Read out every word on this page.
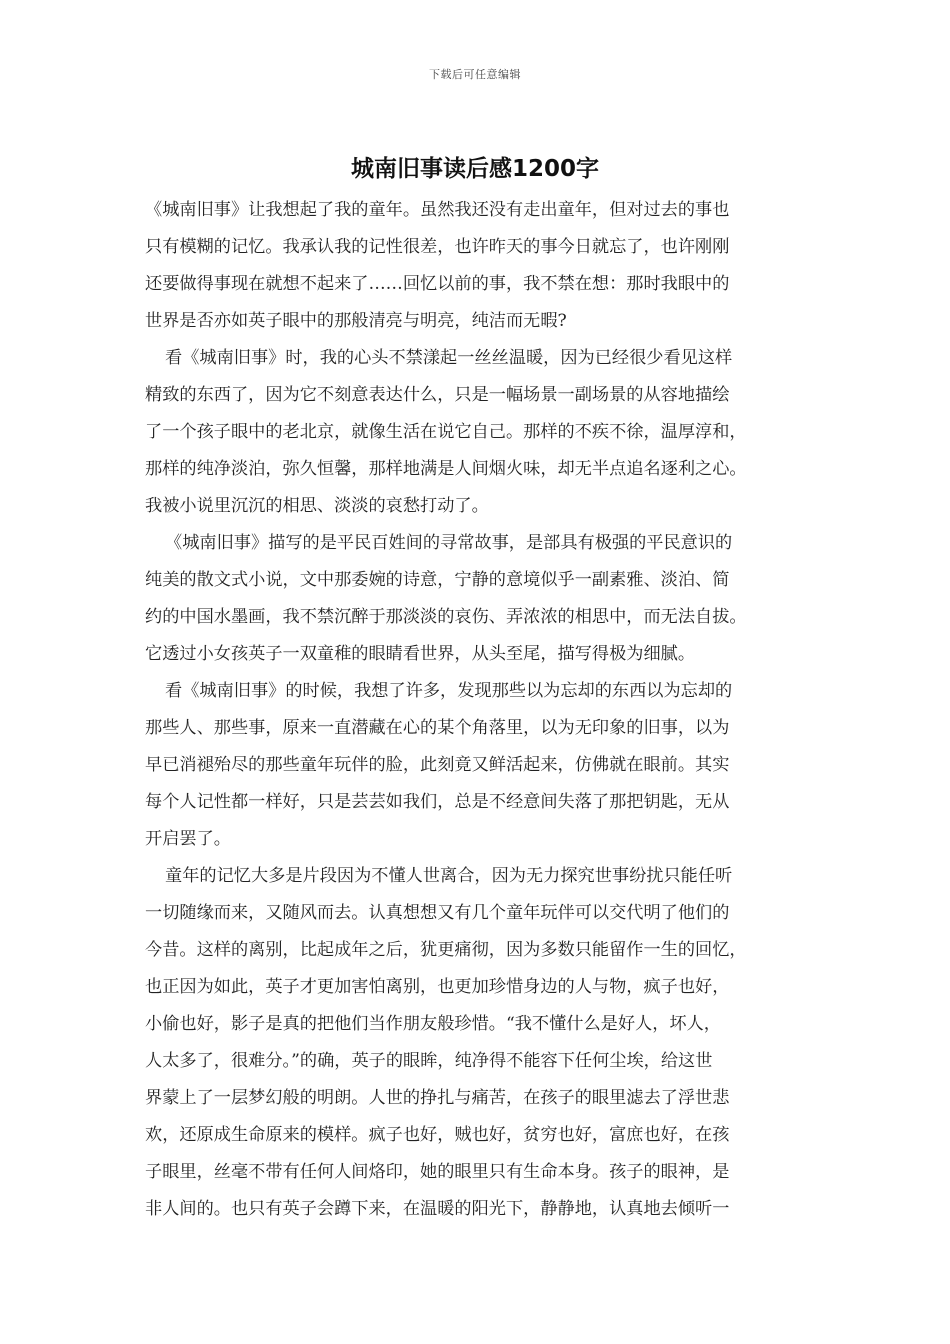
下载后可任意编辑
城南旧事读后感1200字
《城南旧事》让我想起了我的童年。虽然我还没有走出童年，但对过去的事也
只有模糊的记忆。我承认我的记性很差，也许昨天的事今日就忘了，也许刚刚
还要做得事现在就想不起来了……回忆以前的事，我不禁在想：那时我眼中的
世界是否亦如英子眼中的那般清亮与明亮，纯洁而无暇?
看《城南旧事》时，我的心头不禁漾起一丝丝温暖，因为已经很少看见这样
精致的东西了，因为它不刻意表达什么，只是一幅场景一副场景的从容地描绘
了一个孩子眼中的老北京，就像生活在说它自己。那样的不疾不徐，温厚淳和，
那样的纯净淡泊，弥久恒馨，那样地满是人间烟火味，却无半点追名逐利之心。
我被小说里沉沉的相思、淡淡的哀愁打动了。
《城南旧事》描写的是平民百姓间的寻常故事，是部具有极强的平民意识的
纯美的散文式小说，文中那委婉的诗意，宁静的意境似乎一副素雅、淡泊、简
约的中国水墨画，我不禁沉醉于那淡淡的哀伤、弄浓浓的相思中，而无法自拔。
它透过小女孩英子一双童稚的眼睛看世界，从头至尾，描写得极为细腻。
看《城南旧事》的时候，我想了许多，发现那些以为忘却的东西以为忘却的
那些人、那些事，原来一直潜藏在心的某个角落里，以为无印象的旧事，以为
早已消褪殆尽的那些童年玩伴的脸，此刻竟又鲜活起来，仿佛就在眼前。其实
每个人记性都一样好，只是芸芸如我们，总是不经意间失落了那把钥匙，无从
开启罢了。
童年的记忆大多是片段因为不懂人世离合，因为无力探究世事纷扰只能任听
一切随缘而来，又随风而去。认真想想又有几个童年玩伴可以交代明了他们的
今昔。这样的离别，比起成年之后，犹更痛彻，因为多数只能留作一生的回忆，
也正因为如此，英子才更加害怕离别，也更加珍惜身边的人与物，疯子也好，
小偷也好，影子是真的把他们当作朋友般珍惜。“我不懂什么是好人，坏人，
人太多了，很难分。”的确，英子的眼眸，纯净得不能容下任何尘埃，给这世
界蒙上了一层梦幻般的明朗。人世的挣扎与痛苦，在孩子的眼里滤去了浮世悲
欢，还原成生命原来的模样。疯子也好，贼也好，贫穷也好，富庶也好，在孩
子眼里，丝毫不带有任何人间烙印，她的眼里只有生命本身。孩子的眼神，是
非人间的。也只有英子会蹲下来，在温暖的阳光下，静静地，认真地去倾听一
